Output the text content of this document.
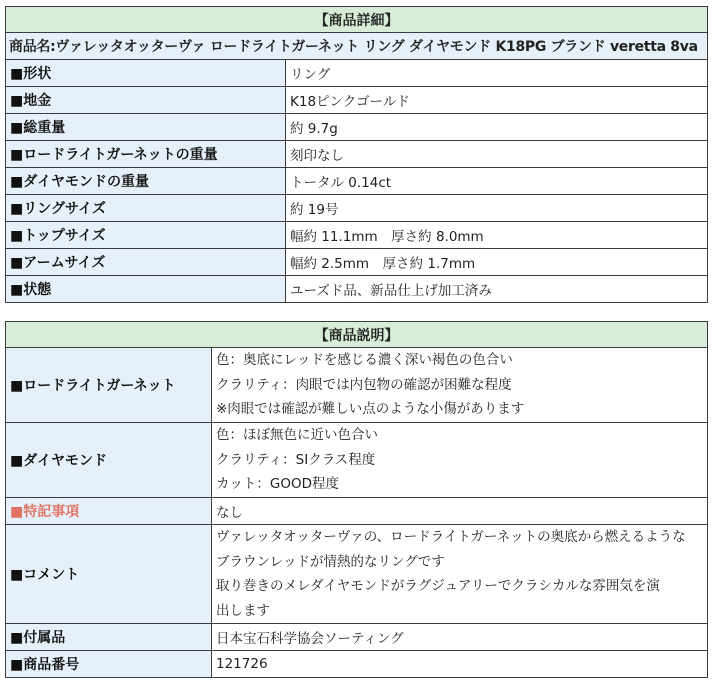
【商品詳細】	
商品名:ヴァレッタオッターヴァ ロードライトガーネット リング ダイヤモンド K18PG ブランド veretta 8va	
■形状	リング
■地金	K18ピンクゴールド
■総重量	約 9.7g
■ロードライトガーネットの重量	刻印なし
■ダイヤモンドの重量	トータル 0.14ct
■リングサイズ	約 19号
■トップサイズ	幅約 11.1mm　厚さ約 8.0mm
■アームサイズ	幅約 2.5mm　厚さ約 1.7mm
■状態	ユーズド品、新品仕上げ加工済み
【商品説明】	
■ロードライトガーネット	色：奥底にレッドを感じる濃く深い褐色の色合い
クラリティ：肉眼では内包物の確認が困難な程度
※肉眼では確認が難しい点のような小傷があります

■ダイヤモンド	色：ほぼ無色に近い色合い
クラリティ：SIクラス程度
カット：GOOD程度

■特記事項	なし
■コメント	ヴァレッタオッターヴァの、ロードライトガーネットの奥底から燃えるような
ブラウンレッドが情熱的なリングです
取り巻きのメレダイヤモンドがラグジュアリーでクラシカルな雰囲気を演
出します

■付属品	日本宝石科学協会ソーティング
■商品番号	121726
